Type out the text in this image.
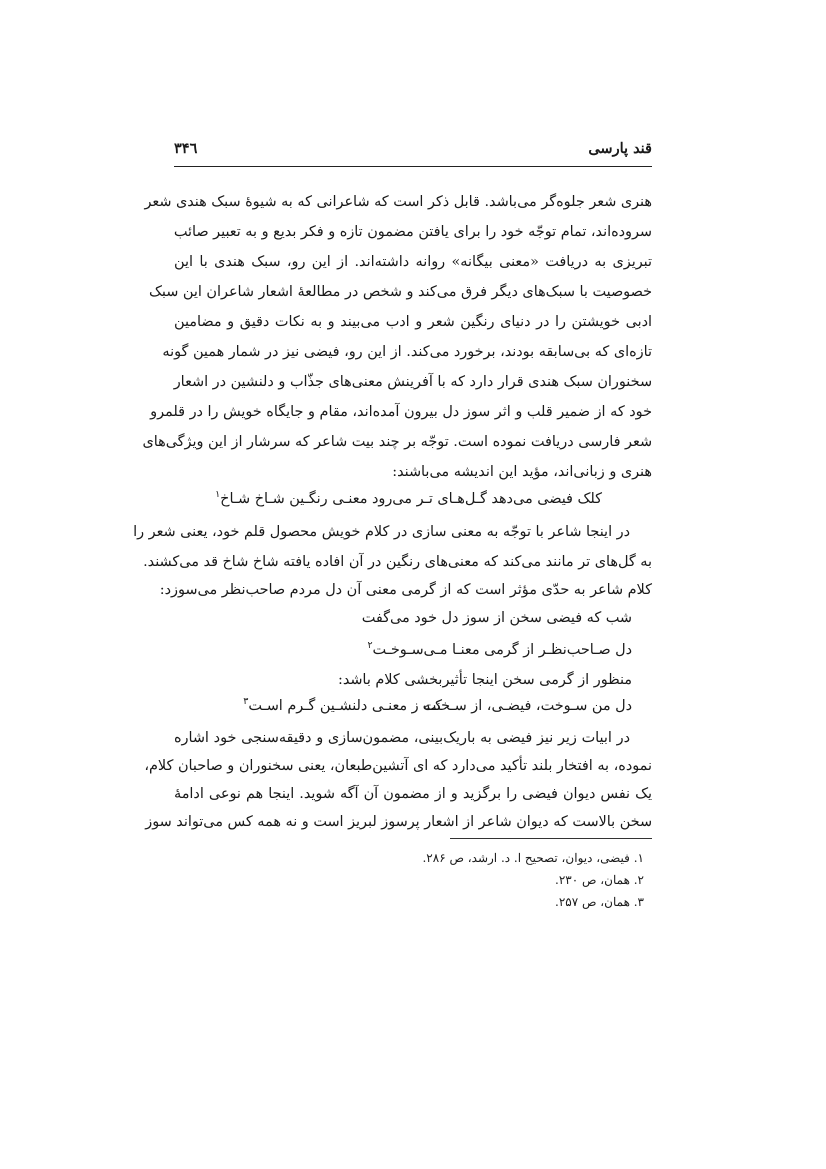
قند پارسی
۳۴٦
هنری شعر جلوه‌گر می‌باشد. قابل ذکر است که شاعرانی که به شیوهٔ سبک هندی شعر
سروده‌اند، تمام توجّه خود را برای یافتن مضمون تازه و فکر بدیع و به تعبیر صائب
تبریزی به دریافت «معنی بیگانه» روانه داشته‌اند. از این رو، سبک هندی با این
خصوصیت با سبک‌های دیگر فرق می‌کند و شخص در مطالعهٔ اشعار شاعران این سبک
ادبی خویشتن را در دنیای رنگین شعر و ادب می‌بیند و به نکات دقیق و مضامین
تازه‌ای که بی‌سابقه بودند، برخورد می‌کند. از این رو، فیضی نیز در شمار همین گونه
سخنوران سبک هندی قرار دارد که با آفرینش معنی‌های جذّاب و دلنشین در اشعار
خود که از ضمیر قلب و اثر سوز دل بیرون آمده‌اند، مقام و جایگاه خویش را در قلمرو
شعر فارسی دریافت نموده است. توجّه بر چند بیت شاعر که سرشار از این ویژگی‌های
هنری و زبانی‌اند، مؤید این اندیشه می‌باشند:
کلک فیضی می‌دهد گـل‌هـای تـر
می‌رود معنـی رنگـین شـاخ شـاخ$^۱$
در اینجا شاعر با توجّه به معنی سازی در کلام خویش محصول قلم خود، یعنی شعر را
به گل‌های تر مانند می‌کند که معنی‌های رنگین در آن افاده یافته شاخ شاخ قد می‌کشند.
کلام شاعر به حدّی مؤثر است که از گرمی معنی آن دل مردم صاحب‌نظر می‌سوزد:
شب که فیضی سخن از سوز دل خود می‌گفت
دل صـاحب‌نظـر از گرمی معنـا مـی‌سـوخـت$^۲$
منظور از گرمی سخن اینجا تأثیربخشی کلام باشد:
دل من سـوخت، فیضـی، از سـخنت
کـه ز معنـی دلنشـین گـرم اسـت$^۳$
در ابیات زیر نیز فیضی به باریک‌بینی، مضمون‌سازی و دقیقه‌سنجی خود اشاره
نموده، به افتخار بلند تأکید می‌دارد که ای آتشین‌طبعان، یعنی سخنوران و صاحبان کلام،
یک نفس دیوان فیضی را برگزید و از مضمون آن آگه شوید. اینجا هم نوعی ادامهٔ
سخن بالاست که دیوان شاعر از اشعار پرسوز لبریز است و نه همه کس می‌تواند سوز
۱. فیضی، دیوان، تصحیح ا. د. ارشد، ص ۲۸۶.
۲. همان، ص ۲۳۰.
۳. همان، ص ۲۵۷.
